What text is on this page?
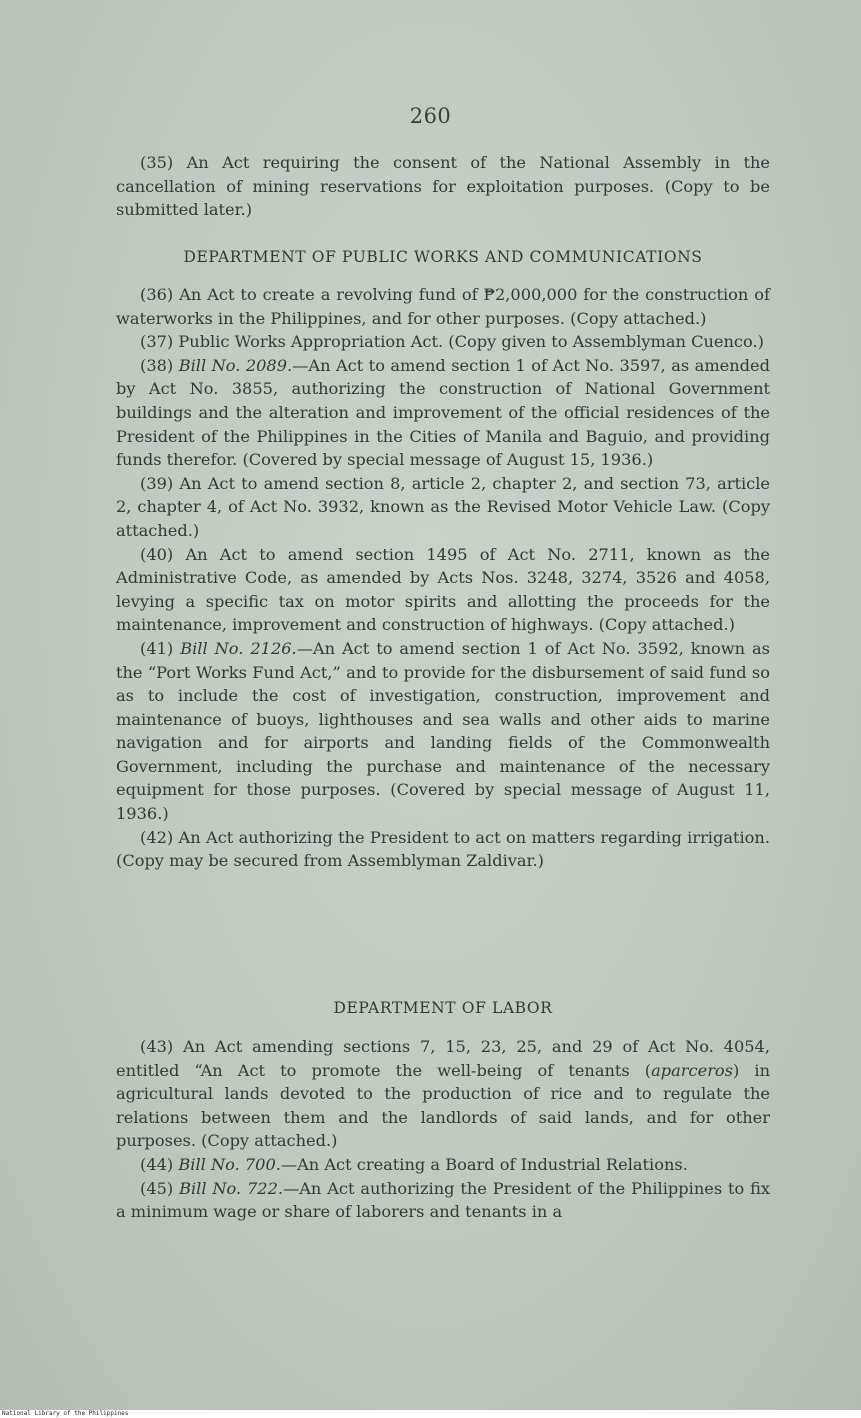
260

(35) An Act requiring the consent of the National Assembly in the cancellation of mining reservations for exploitation purposes. (Copy to be submitted later.)

DEPARTMENT OF PUBLIC WORKS AND COMMUNICATIONS

(36) An Act to create a revolving fund of ₱2,000,000 for the construction of waterworks in the Philippines, and for other purposes. (Copy attached.)

(37) Public Works Appropriation Act. (Copy given to Assemblyman Cuenco.)

(38) Bill No. 2089.—An Act to amend section 1 of Act No. 3597, as amended by Act No. 3855, authorizing the construction of National Government buildings and the alteration and improvement of the official residences of the President of the Philippines in the Cities of Manila and Baguio, and providing funds therefor. (Covered by special message of August 15, 1936.)

(39) An Act to amend section 8, article 2, chapter 2, and section 73, article 2, chapter 4, of Act No. 3932, known as the Revised Motor Vehicle Law. (Copy attached.)

(40) An Act to amend section 1495 of Act No. 2711, known as the Administrative Code, as amended by Acts Nos. 3248, 3274, 3526 and 4058, levying a specific tax on motor spirits and allotting the proceeds for the maintenance, improvement and construction of highways. (Copy attached.)

(41) Bill No. 2126.—An Act to amend section 1 of Act No. 3592, known as the “Port Works Fund Act,” and to provide for the disbursement of said fund so as to include the cost of investigation, construction, improvement and maintenance of buoys, lighthouses and sea walls and other aids to marine navigation and for airports and landing fields of the Commonwealth Government, including the purchase and maintenance of the necessary equipment for those purposes. (Covered by special message of August 11, 1936.)

(42) An Act authorizing the President to act on matters regarding irrigation. (Copy may be secured from Assemblyman Zaldivar.)

DEPARTMENT OF LABOR

(43) An Act amending sections 7, 15, 23, 25, and 29 of Act No. 4054, entitled “An Act to promote the well-being of tenants (aparceros) in agricultural lands devoted to the production of rice and to regulate the relations between them and the landlords of said lands, and for other purposes. (Copy attached.)

(44) Bill No. 700.—An Act creating a Board of Industrial Relations.

(45) Bill No. 722.—An Act authorizing the President of the Philippines to fix a minimum wage or share of laborers and tenants in a

National Library of the Philippines
